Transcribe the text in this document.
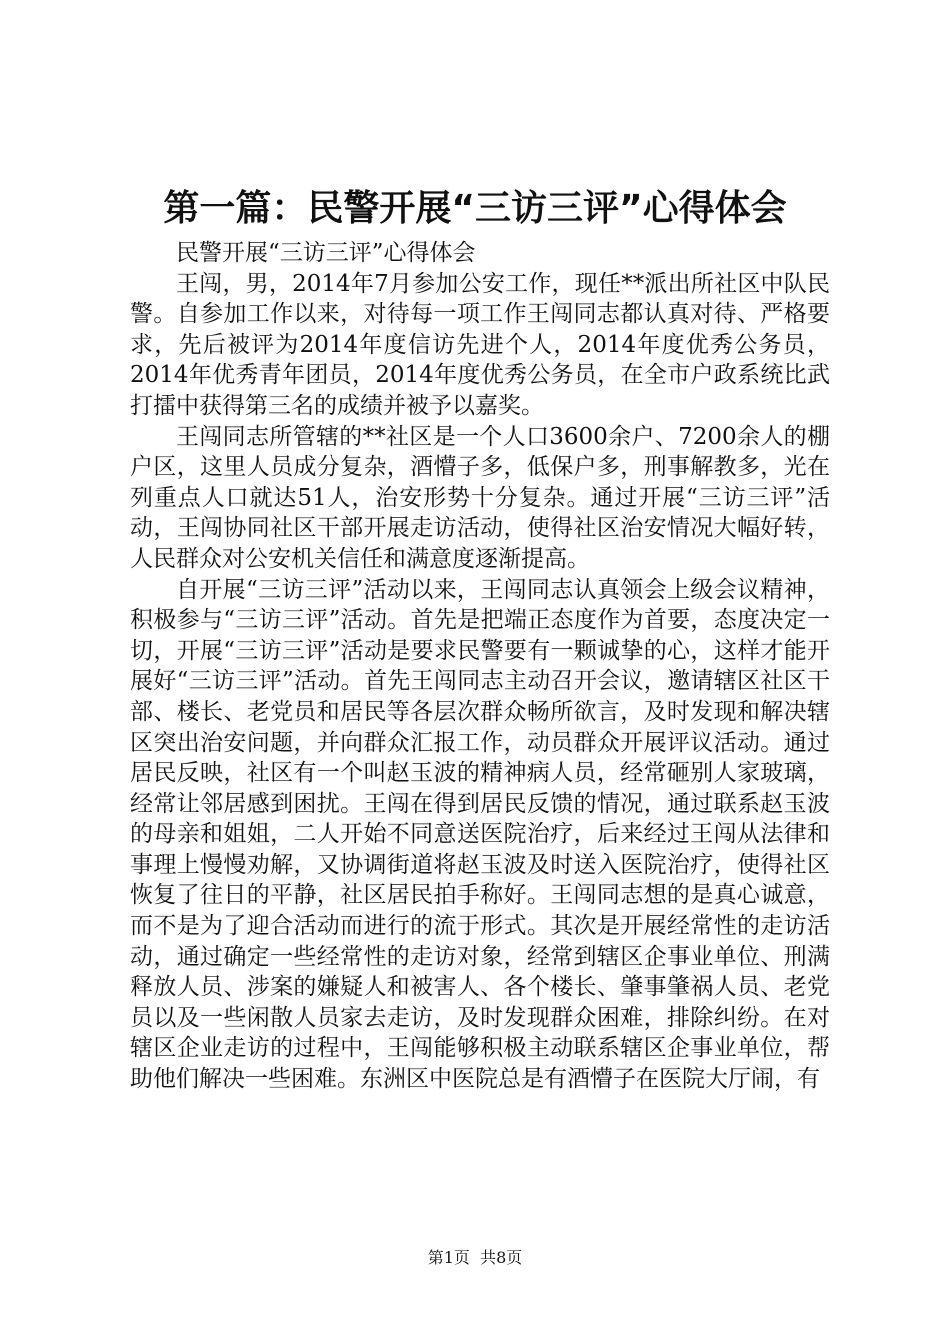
第一篇：民警开展“三访三评”心得体会

民警开展“三访三评”心得体会

王闯，男，2014年7月参加公安工作，现任**派出所社区中队民警。自参加工作以来，对待每一项工作王闯同志都认真对待、严格要求，先后被评为2014年度信访先进个人，2014年度优秀公务员，2014年优秀青年团员，2014年度优秀公务员，在全市户政系统比武打擂中获得第三名的成绩并被予以嘉奖。

王闯同志所管辖的**社区是一个人口3600余户、7200余人的棚户区，这里人员成分复杂，酒懵子多，低保户多，刑事解教多，光在列重点人口就达51人，治安形势十分复杂。通过开展“三访三评”活动，王闯协同社区干部开展走访活动，使得社区治安情况大幅好转，人民群众对公安机关信任和满意度逐渐提高。

自开展“三访三评”活动以来，王闯同志认真领会上级会议精神，积极参与“三访三评”活动。首先是把端正态度作为首要，态度决定一切，开展“三访三评”活动是要求民警要有一颗诚挚的心，这样才能开展好“三访三评”活动。首先王闯同志主动召开会议，邀请辖区社区干部、楼长、老党员和居民等各层次群众畅所欲言，及时发现和解决辖区突出治安问题，并向群众汇报工作，动员群众开展评议活动。通过居民反映，社区有一个叫赵玉波的精神病人员，经常砸别人家玻璃，经常让邻居感到困扰。王闯在得到居民反馈的情况，通过联系赵玉波的母亲和姐姐，二人开始不同意送医院治疗，后来经过王闯从法律和事理上慢慢劝解，又协调街道将赵玉波及时送入医院治疗，使得社区恢复了往日的平静，社区居民拍手称好。王闯同志想的是真心诚意，而不是为了迎合活动而进行的流于形式。其次是开展经常性的走访活动，通过确定一些经常性的走访对象，经常到辖区企事业单位、刑满释放人员、涉案的嫌疑人和被害人、各个楼长、肇事肇祸人员、老党员以及一些闲散人员家去走访，及时发现群众困难，排除纠纷。在对辖区企业走访的过程中，王闯能够积极主动联系辖区企事业单位，帮助他们解决一些困难。东洲区中医院总是有酒懵子在医院大厅闹，有

第1页  共8页
